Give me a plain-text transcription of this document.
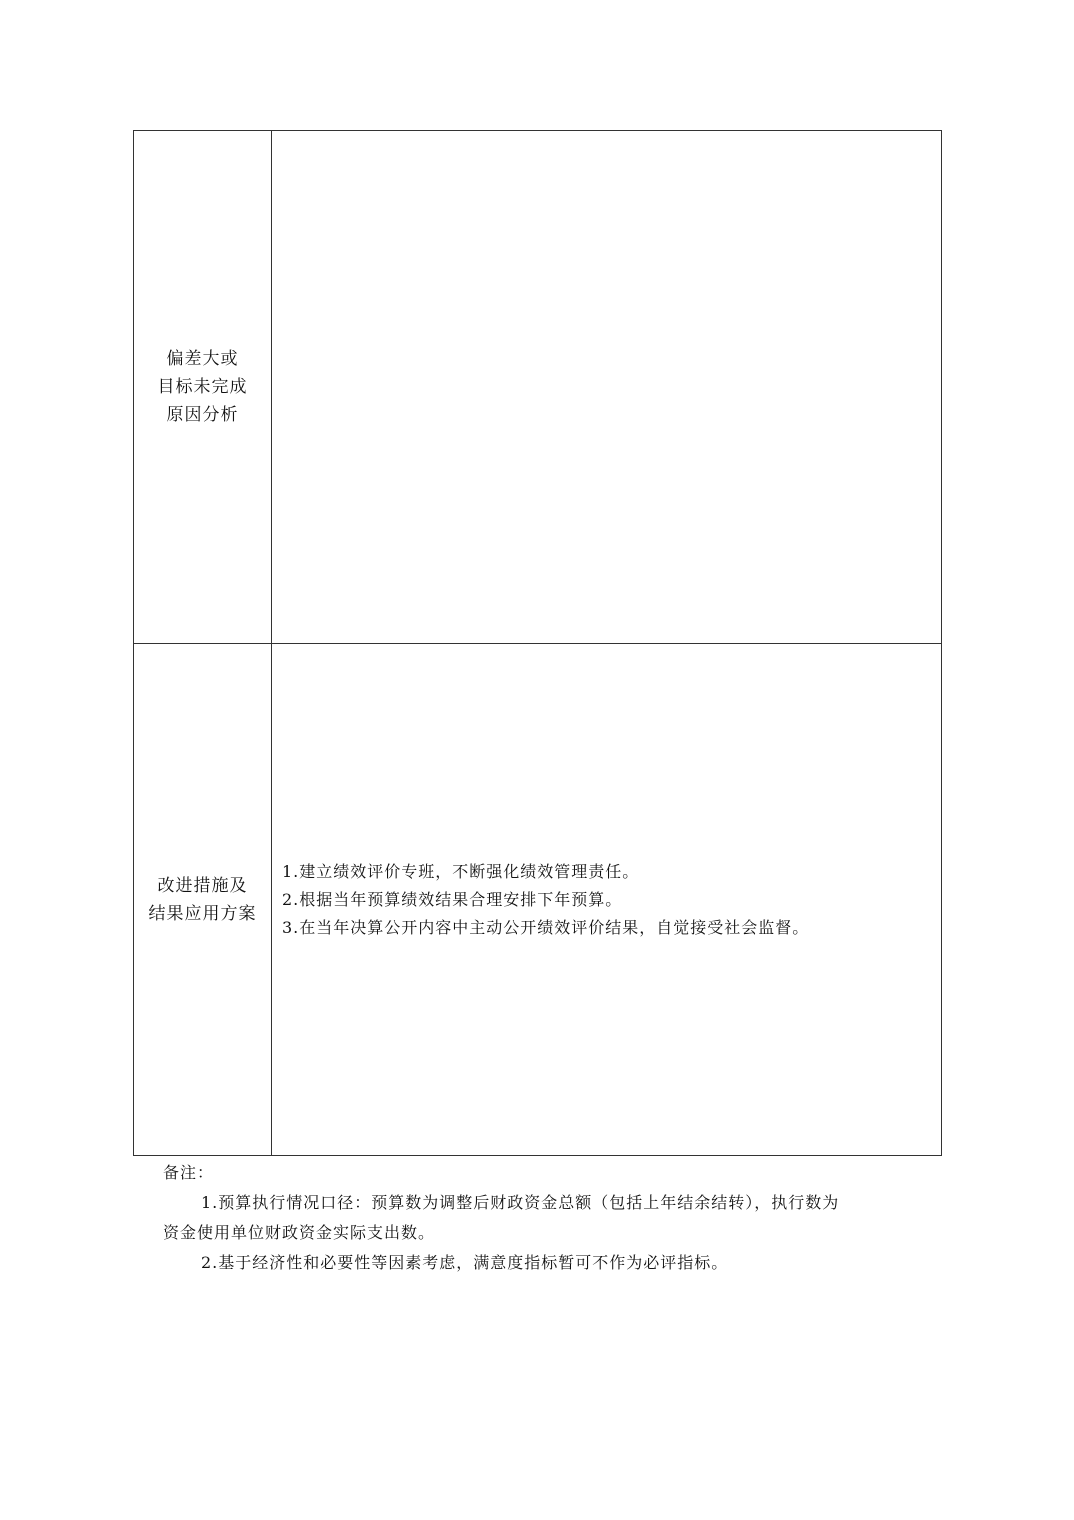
偏差大或
目标未完成
原因分析
改进措施及
结果应用方案
1.建立绩效评价专班，不断强化绩效管理责任。
2.根据当年预算绩效结果合理安排下年预算。
3.在当年决算公开内容中主动公开绩效评价结果，自觉接受社会监督。
备注：
1.预算执行情况口径：预算数为调整后财政资金总额（包括上年结余结转），执行数为
资金使用单位财政资金实际支出数。
2.基于经济性和必要性等因素考虑，满意度指标暂可不作为必评指标。
